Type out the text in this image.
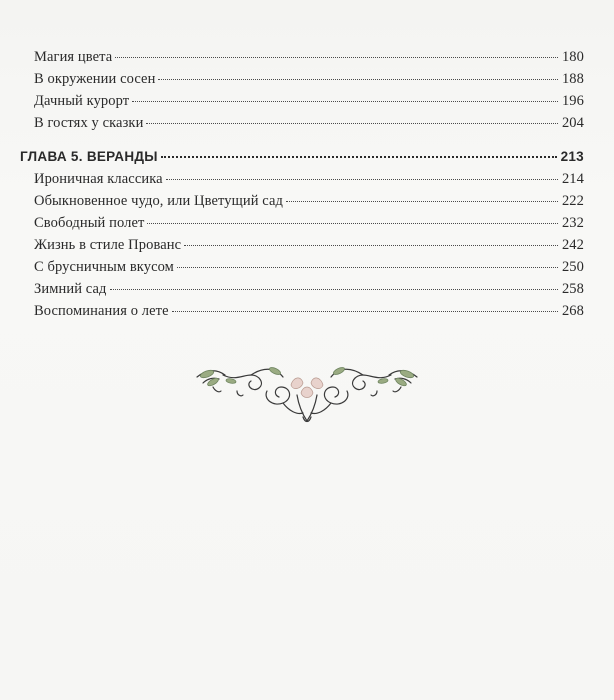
Магия цвета	180
В окружении сосен	188
Дачный курорт	196
В гостях у сказки	204
ГЛАВА 5. ВЕРАНДЫ	213
Ироничная классика	214
Обыкновенное чудо, или Цветущий сад	222
Свободный полет	232
Жизнь в стиле Прованс	242
С брусничным вкусом	250
Зимний сад	258
Воспоминания о лете	268
